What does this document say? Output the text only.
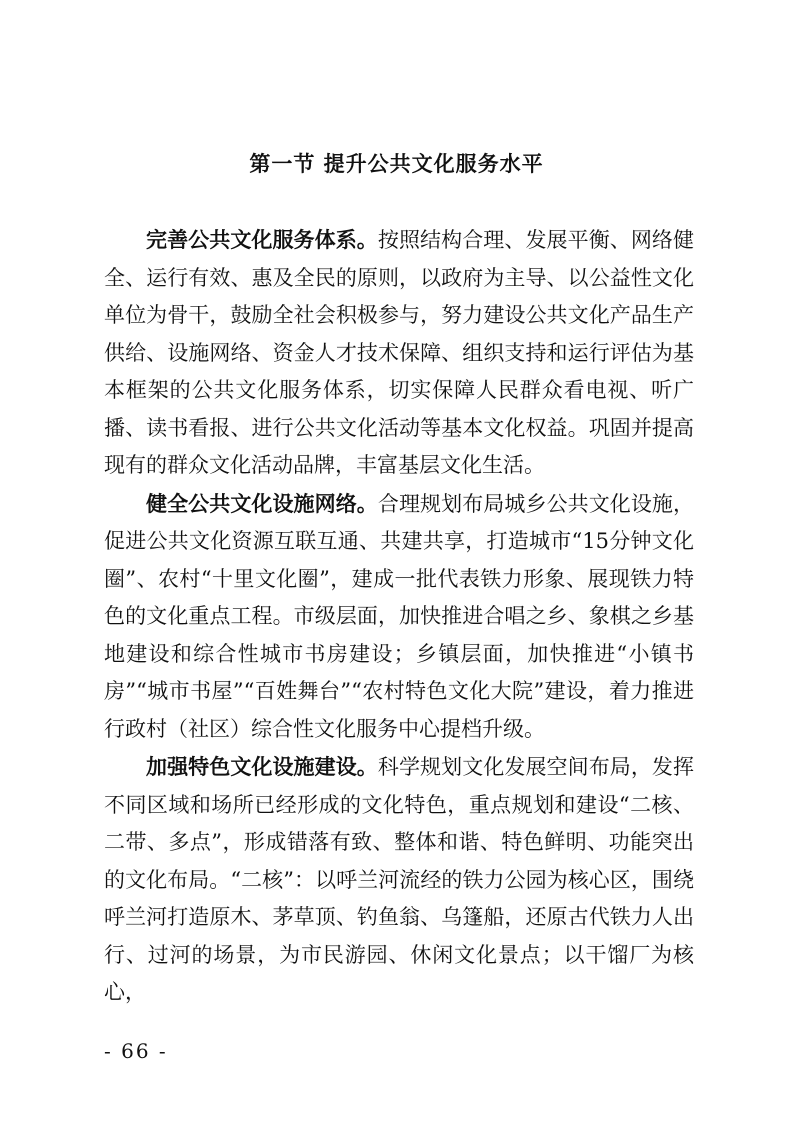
第一节 提升公共文化服务水平

完善公共文化服务体系。按照结构合理、发展平衡、网络健全、运行有效、惠及全民的原则，以政府为主导、以公益性文化单位为骨干，鼓励全社会积极参与，努力建设公共文化产品生产供给、设施网络、资金人才技术保障、组织支持和运行评估为基本框架的公共文化服务体系，切实保障人民群众看电视、听广播、读书看报、进行公共文化活动等基本文化权益。巩固并提高现有的群众文化活动品牌，丰富基层文化生活。

健全公共文化设施网络。合理规划布局城乡公共文化设施，促进公共文化资源互联互通、共建共享，打造城市“15分钟文化圈”、农村“十里文化圈”，建成一批代表铁力形象、展现铁力特色的文化重点工程。市级层面，加快推进合唱之乡、象棋之乡基地建设和综合性城市书房建设；乡镇层面，加快推进“小镇书房”“城市书屋”“百姓舞台”“农村特色文化大院”建设，着力推进行政村（社区）综合性文化服务中心提档升级。

加强特色文化设施建设。科学规划文化发展空间布局，发挥不同区域和场所已经形成的文化特色，重点规划和建设“二核、二带、多点”，形成错落有致、整体和谐、特色鲜明、功能突出的文化布局。“二核”：以呼兰河流经的铁力公园为核心区，围绕呼兰河打造原木、茅草顶、钓鱼翁、乌篷船，还原古代铁力人出行、过河的场景，为市民游园、休闲文化景点；以干馏厂为核心，

- 66 -
